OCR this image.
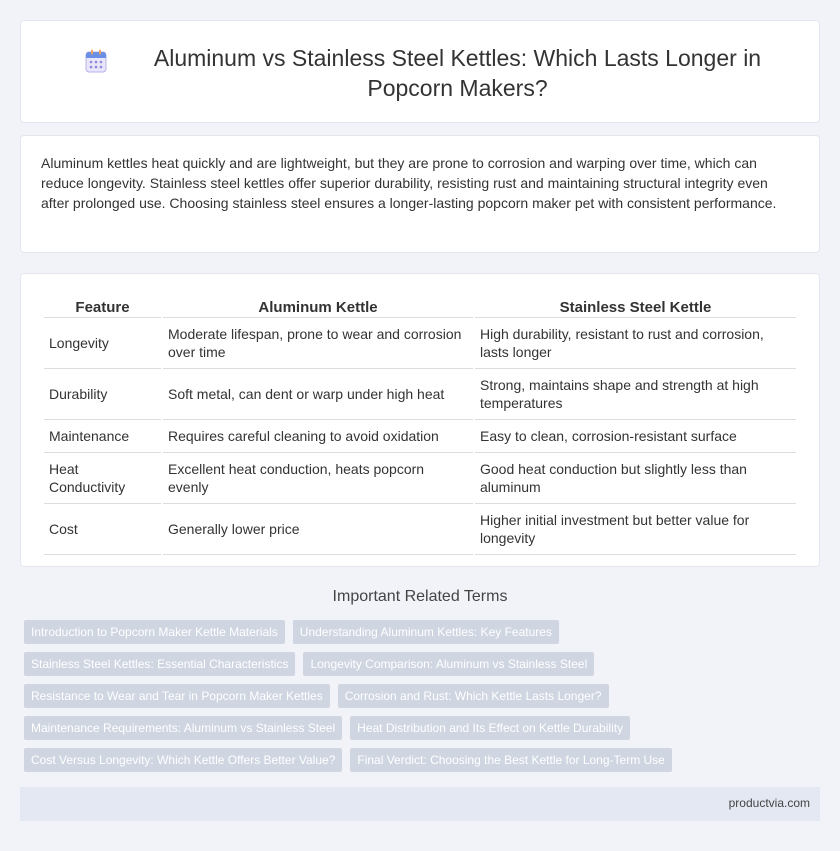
Aluminum vs Stainless Steel Kettles: Which Lasts Longer in Popcorn Makers?

Aluminum kettles heat quickly and are lightweight, but they are prone to corrosion and warping over time, which can reduce longevity. Stainless steel kettles offer superior durability, resisting rust and maintaining structural integrity even after prolonged use. Choosing stainless steel ensures a longer-lasting popcorn maker pet with consistent performance.

Feature	Aluminum Kettle	Stainless Steel Kettle
Longevity	Moderate lifespan, prone to wear and corrosion over time	High durability, resistant to rust and corrosion, lasts longer
Durability	Soft metal, can dent or warp under high heat	Strong, maintains shape and strength at high temperatures
Maintenance	Requires careful cleaning to avoid oxidation	Easy to clean, corrosion-resistant surface
Heat Conductivity	Excellent heat conduction, heats popcorn evenly	Good heat conduction but slightly less than aluminum
Cost	Generally lower price	Higher initial investment but better value for longevity
Important Related Terms
Introduction to Popcorn Maker Kettle Materials	Understanding Aluminum Kettles: Key Features
Stainless Steel Kettles: Essential Characteristics	Longevity Comparison: Aluminum vs Stainless Steel
Resistance to Wear and Tear in Popcorn Maker Kettles	Corrosion and Rust: Which Kettle Lasts Longer?
Maintenance Requirements: Aluminum vs Stainless Steel	Heat Distribution and Its Effect on Kettle Durability
Cost Versus Longevity: Which Kettle Offers Better Value?	Final Verdict: Choosing the Best Kettle for Long-Term Use
productvia.com
